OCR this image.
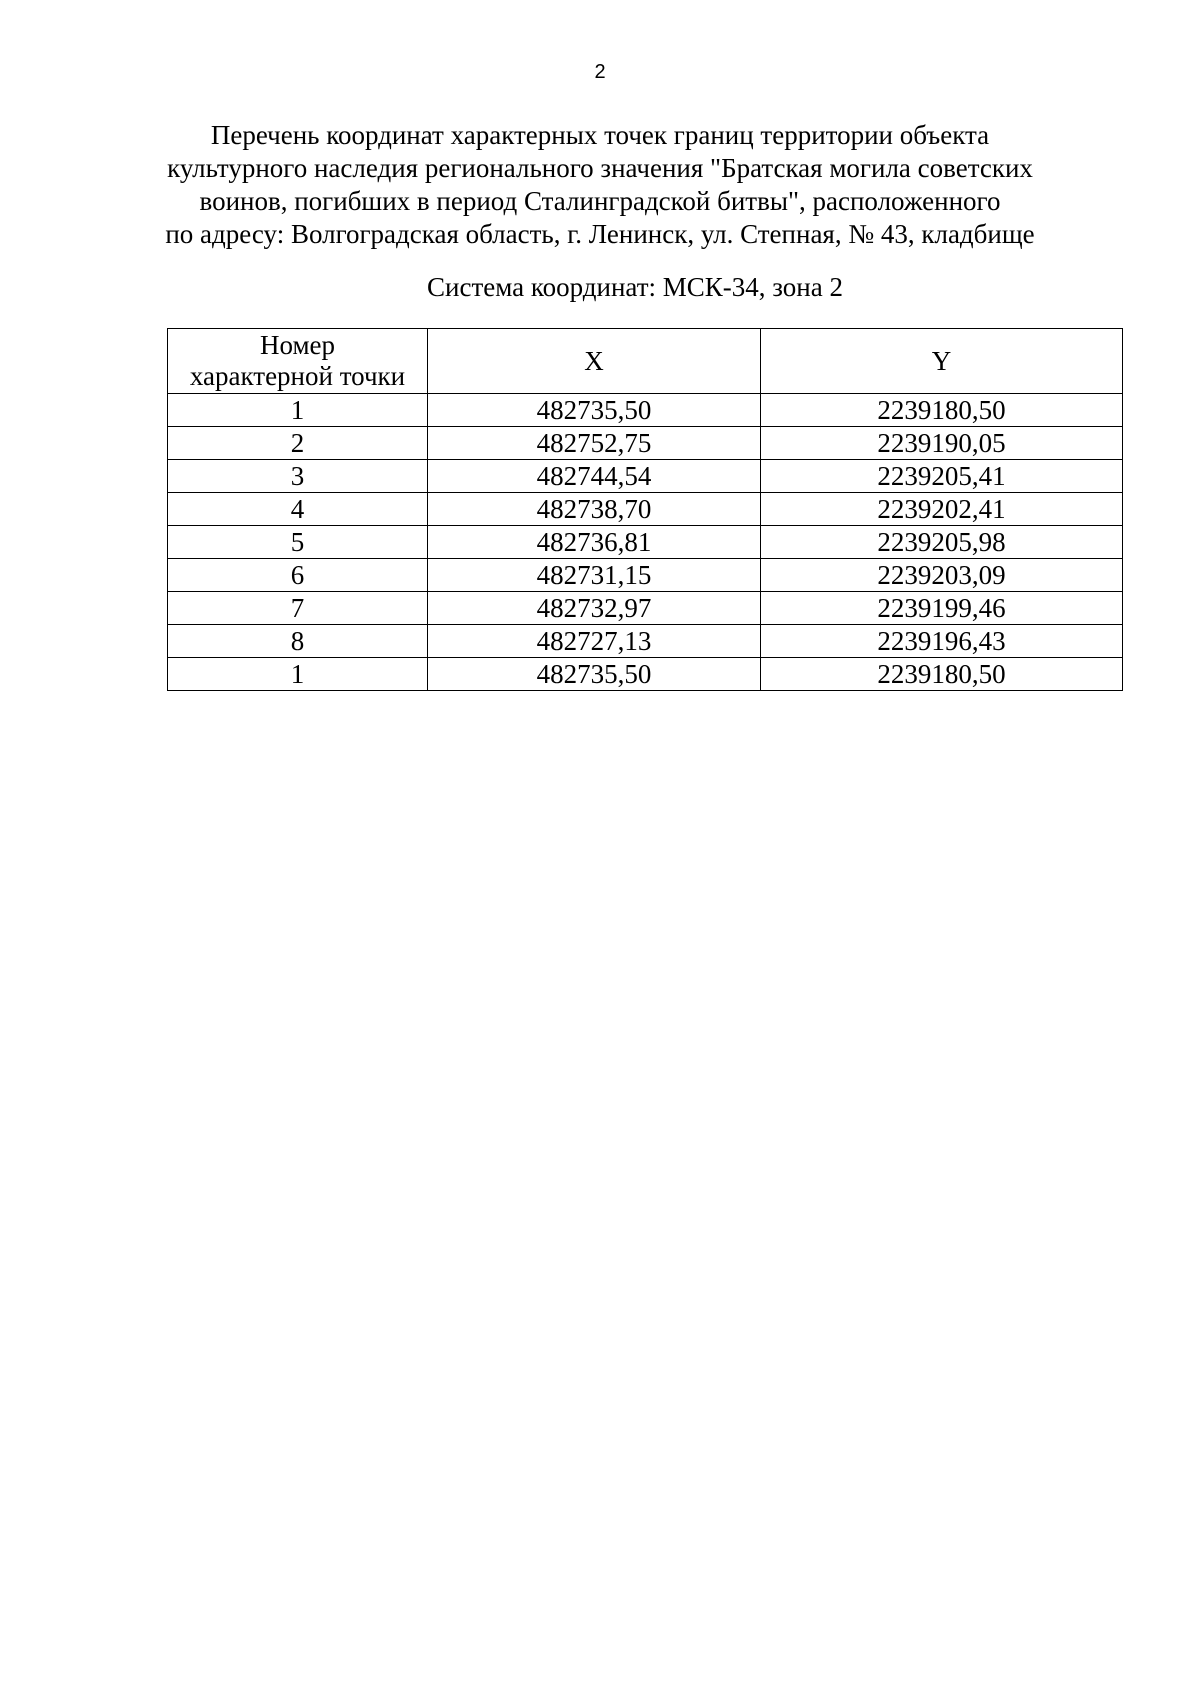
2
Перечень координат характерных точек границ территории объекта
культурного наследия регионального значения "Братская могила советских
воинов, погибших в период Сталинградской битвы", расположенного
по адресу: Волгоградская область, г. Ленинск, ул. Степная, № 43, кладбище
Система координат: МСК-34, зона 2
Номер
характерной точки	X	Y
1	482735,50	2239180,50
2	482752,75	2239190,05
3	482744,54	2239205,41
4	482738,70	2239202,41
5	482736,81	2239205,98
6	482731,15	2239203,09
7	482732,97	2239199,46
8	482727,13	2239196,43
1	482735,50	2239180,50
